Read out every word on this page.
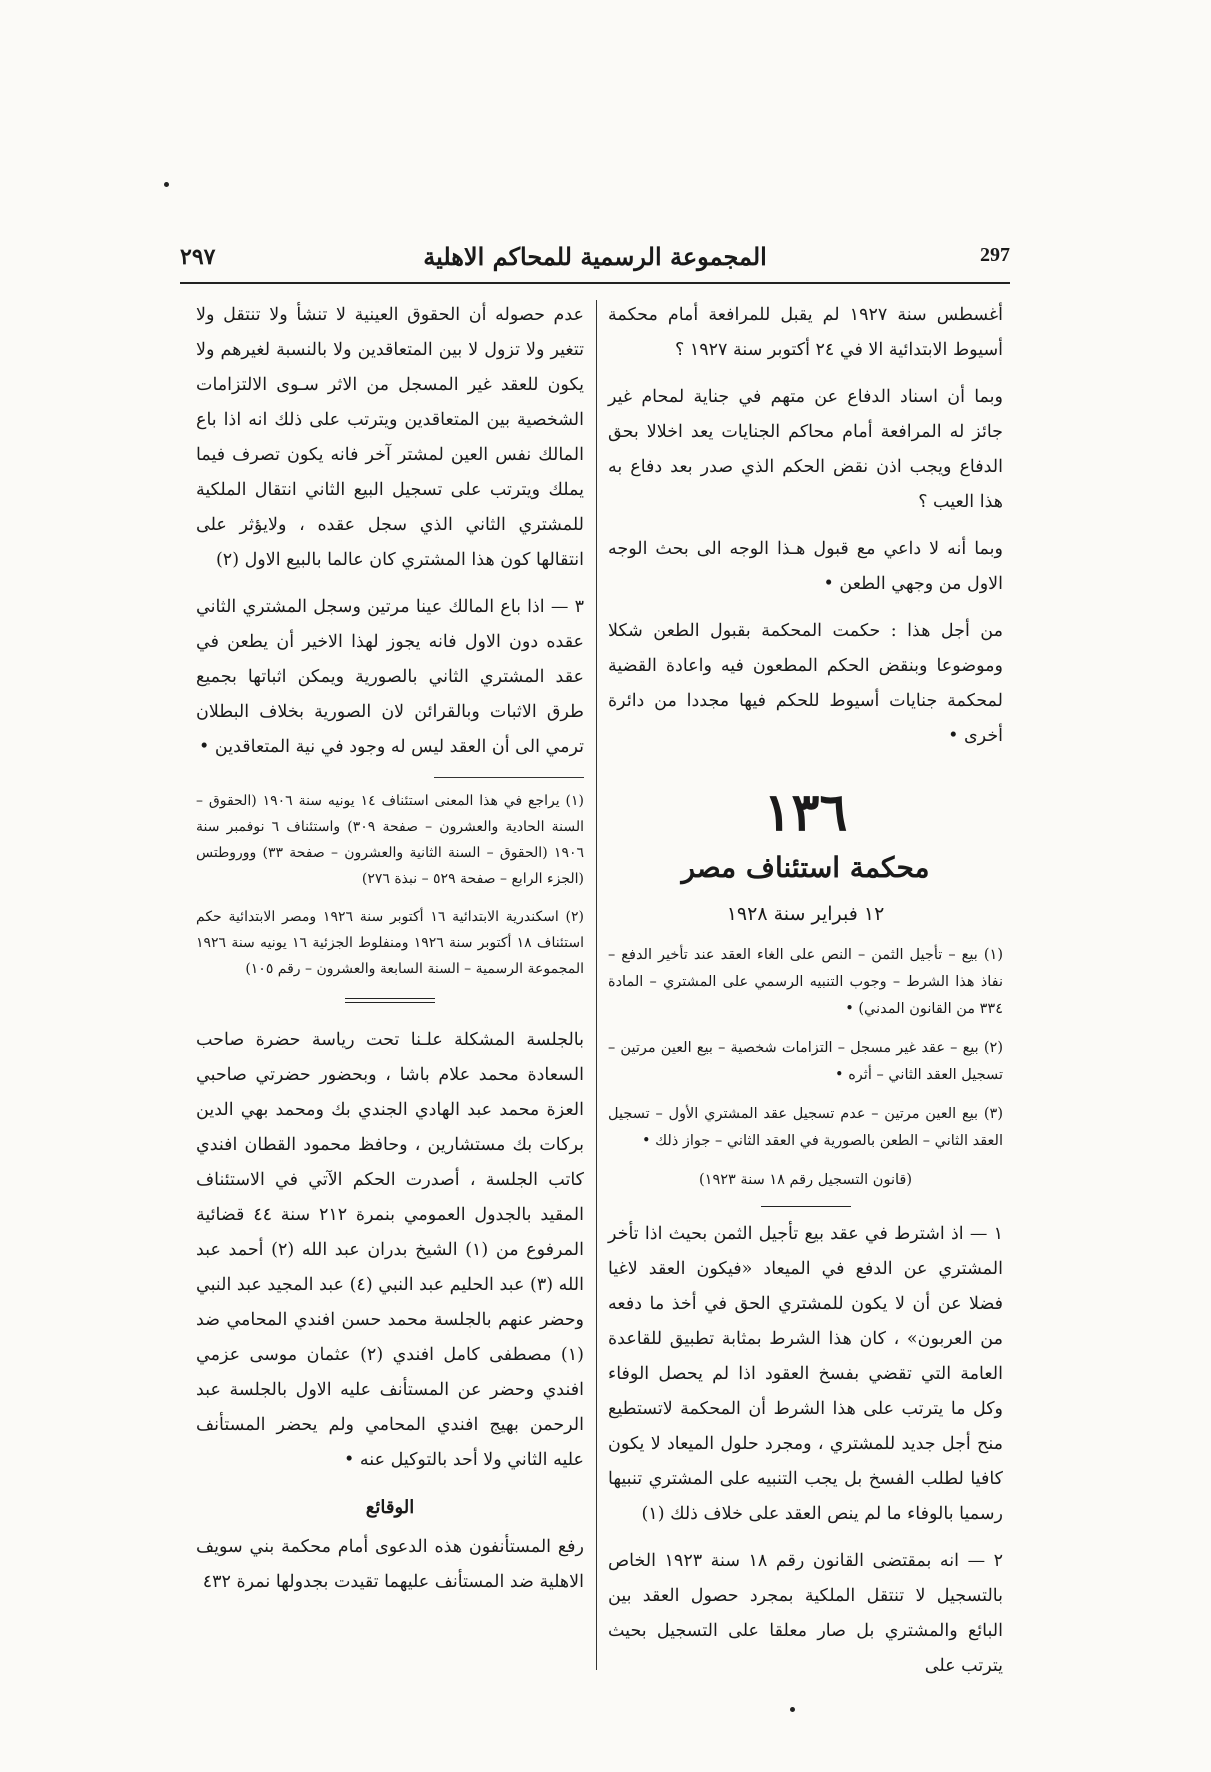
٢٩٧	المجموعة الرسمية للمحاكم الاهلية	297

أغسطس سنة ١٩٢٧ لم يقبل للمرافعة أمام محكمة أسيوط الابتدائية الا في ٢٤ أكتوبر سنة ١٩٢٧ ؟

وبما أن اسناد الدفاع عن متهم في جناية لمحام غير جائز له المرافعة أمام محاكم الجنايات يعد اخلالا بحق الدفاع ويجب اذن نقض الحكم الذي صدر بعد دفاع به هذا العيب ؟

وبما أنه لا داعي مع قبول هـذا الوجه الى بحث الوجه الاول من وجهي الطعن •

من أجل هذا : حكمت المحكمة بقبول الطعن شكلا وموضوعا وبنقض الحكم المطعون فيه واعادة القضية لمحكمة جنايات أسيوط للحكم فيها مجددا من دائرة أخرى •

١٣٦
محكمة استئناف مصر
١٢ فبراير سنة ١٩٢٨

(١) بيع – تأجيل الثمن – النص على الغاء العقد عند تأخير الدفع – نفاذ هذا الشرط – وجوب التنبيه الرسمي على المشتري – المادة ٣٣٤ من القانون المدني) •

(٢) بيع – عقد غير مسجل – التزامات شخصية – بيع العين مرتين – تسجيل العقد الثاني – أثره •

(٣) بيع العين مرتين – عدم تسجيل عقد المشتري الأول – تسجيل العقد الثاني – الطعن بالصورية في العقد الثاني – جواز ذلك •

(قانون التسجيل رقم ١٨ سنة ١٩٢٣)

١ — اذ اشترط في عقد بيع تأجيل الثمن بحيث اذا تأخر المشتري عن الدفع في الميعاد «فيكون العقد لاغيا فضلا عن أن لا يكون للمشتري الحق في أخذ ما دفعه من العربون» ، كان هذا الشرط بمثابة تطبيق للقاعدة العامة التي تقضي بفسخ العقود اذا لم يحصل الوفاء وكل ما يترتب على هذا الشرط أن المحكمة لاتستطيع منح أجل جديد للمشتري ، ومجرد حلول الميعاد لا يكون كافيا لطلب الفسخ بل يجب التنبيه على المشتري تنبيها رسميا بالوفاء ما لم ينص العقد على خلاف ذلك (١)

٢ — انه بمقتضى القانون رقم ١٨ سنة ١٩٢٣ الخاص بالتسجيل لا تنتقل الملكية بمجرد حصول العقد بين البائع والمشتري بل صار معلقا على التسجيل بحيث يترتب على

عدم حصوله أن الحقوق العينية لا تنشأ ولا تنتقل ولا تتغير ولا تزول لا بين المتعاقدين ولا بالنسبة لغيرهم ولا يكون للعقد غير المسجل من الاثر سـوى الالتزامات الشخصية بين المتعاقدين ويترتب على ذلك انه اذا باع المالك نفس العين لمشتر آخر فانه يكون تصرف فيما يملك ويترتب على تسجيل البيع الثاني انتقال الملكية للمشتري الثاني الذي سجل عقده ، ولايؤثر على انتقالها كون هذا المشتري كان عالما بالبيع الاول (٢)

٣ — اذا باع المالك عينا مرتين وسجل المشتري الثاني عقده دون الاول فانه يجوز لهذا الاخير أن يطعن في عقد المشتري الثاني بالصورية ويمكن اثباتها بجميع طرق الاثبات وبالقرائن لان الصورية بخلاف البطلان ترمي الى أن العقد ليس له وجود في نية المتعاقدين •

(١) يراجع في هذا المعنى استئناف ١٤ يونيه سنة ١٩٠٦ (الحقوق – السنة الحادية والعشرون – صفحة ٣٠٩) واستئناف ٦ نوفمبر سنة ١٩٠٦ (الحقوق – السنة الثانية والعشرون – صفحة ٣٣) ووروطتس (الجزء الرابع – صفحة ٥٢٩ – نبذة ٢٧٦)

(٢) اسكندرية الابتدائية ١٦ أكتوبر سنة ١٩٢٦ ومصر الابتدائية حكم استئناف ١٨ أكتوبر سنة ١٩٢٦ ومنفلوط الجزئية ١٦ يونيه سنة ١٩٢٦ المجموعة الرسمية – السنة السابعة والعشرون – رقم ١٠٥)

بالجلسة المشكلة علـنا تحت رياسة حضرة صاحب السعادة محمد علام باشا ، وبحضور حضرتي صاحبي العزة محمد عبد الهادي الجندي بك ومحمد بهي الدين بركات بك مستشارين ، وحافظ محمود القطان افندي كاتب الجلسة ، أصدرت الحكم الآتي في الاستئناف المقيد بالجدول العمومي بنمرة ٢١٢ سنة ٤٤ قضائية المرفوع من (١) الشيخ بدران عبد الله (٢) أحمد عبد الله (٣) عبد الحليم عبد النبي (٤) عبد المجيد عبد النبي وحضر عنهم بالجلسة محمد حسن افندي المحامي ضد (١) مصطفى كامل افندي (٢) عثمان موسى عزمي افندي وحضر عن المستأنف عليه الاول بالجلسة عبد الرحمن بهيج افندي المحامي ولم يحضر المستأنف عليه الثاني ولا أحد بالتوكيل عنه •

الوقائع

رفع المستأنفون هذه الدعوى أمام محكمة بني سويف الاهلية ضد المستأنف عليهما تقيدت بجدولها نمرة ٤٣٢
